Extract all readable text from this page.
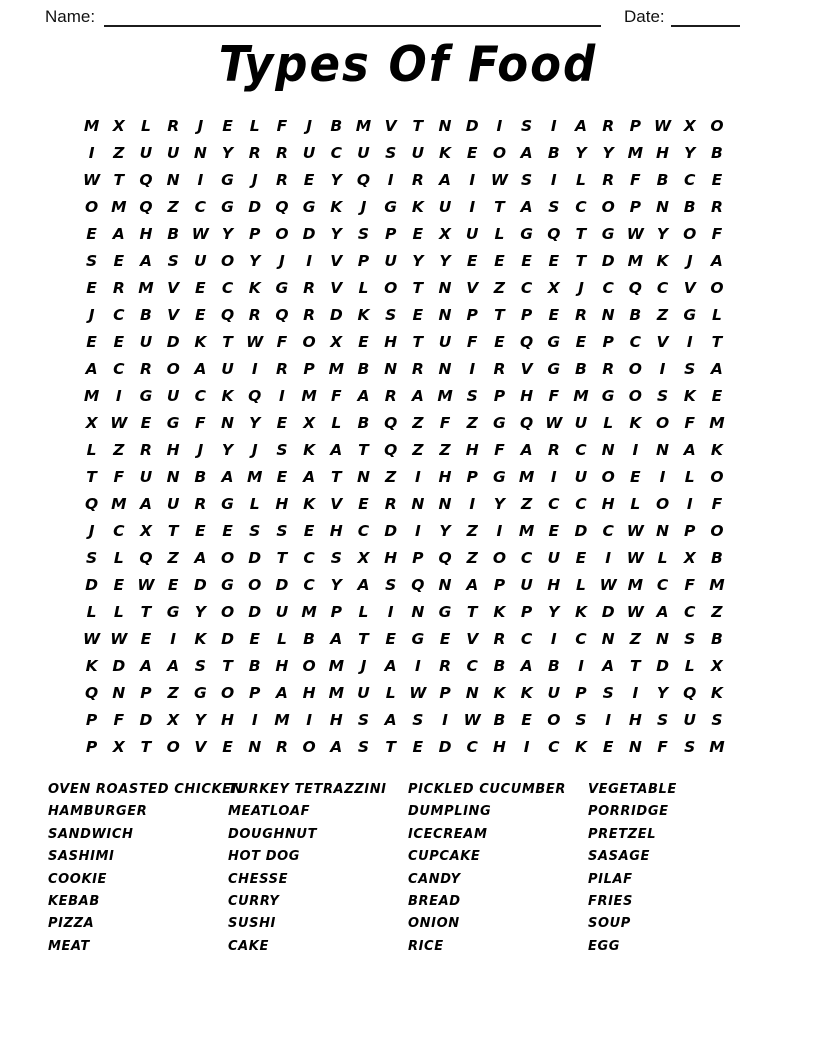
Name:	Date:
Types Of Food
M X	L	R	J	E	L	F	J	B M V	T N D	I	S	I	A R	P W X O
I	Z U U N Y	R R U C U S U K	E O A B	Y	Y M H Y	B
W T Q N	I	G	J	R	E	Y Q	I	R A	I	W S	I	L	R	F	B	C	E
O M Q Z	C G D Q G K	J	G K U	I	T	A	S	C O P N B R
E	A H B W Y	P O D Y	S	P	E	X U	L	G Q T	G W Y O F
S	E	A	S U O Y	J	I	V	P U Y	Y	E	E	E	E	T D M K	J	A
E	R M V	E	C K G R V	L	O T N V	Z	C	X	J	C Q C	V O
J	C	B V	E Q R Q R D K	S	E N P	T	P	E	R N B	Z G	L
E	E	U D K	T W F O X	E H T	U	F	E Q G	E	P	C	V	I	T
A C	R O A U	I	R	P M B N R N	I	R V G B R O	I	S	A
M	I	G U C K Q	I	M F	A R A M S	P H F M G O S	K	E
X W E	G	F N Y	E	X	L	B Q Z	F	Z G Q W U	L	K O F M
L	Z	R H	J	Y	J	S	K A	T Q Z	Z H F	A R	C N	I	N A K
T	F	U N B A M E	A	T N Z	I	H P G M	I	U O E	I	L	O
Q M A U R G	L	H K V	E	R N N	I	Y	Z	C	C H	L	O	I	F
J	C	X	T	E	E	S	S	E H C D	I	Y	Z	I	M E D C W N P O
S	L	Q Z	A O D T	C	S	X H P Q Z O C U	E	I	W L	X B
D E W E D G O D C	Y	A	S Q N A	P U H	L W M C	F M
L	L	T	G Y O D U M P	L	I	N G	T	K	P	Y	K D W A C	Z
W W E	I	K D E	L	B A	T	E	G	E	V R	C	I	C N Z N S	B
K D A A	S	T	B H O M	J	A	I	R	C	B A B	I	A	T D	L	X
Q N P	Z G O P	A H M U	L W P N K K U P	S	I	Y Q K
P	F D X	Y H	I	M	I	H S	A	S	I	W B	E O S	I	H S U S
P	X	T O V	E N R O A	S	T	E D C H	I	C K	E N F	S M
OVEN ROASTED CHICKEN
HAMBURGER
SANDWICH
SASHIMI
COOKIE
KEBAB
PIZZA
MEAT
TURKEY TETRAZZINI
MEATLOAF
DOUGHNUT
HOT DOG
CHESSE
CURRY
SUSHI
CAKE
PICKLED CUCUMBER
DUMPLING
ICECREAM
CUPCAKE
CANDY
BREAD
ONION
RICE
VEGETABLE
PORRIDGE
PRETZEL
SASAGE
PILAF
FRIES
SOUP
EGG
